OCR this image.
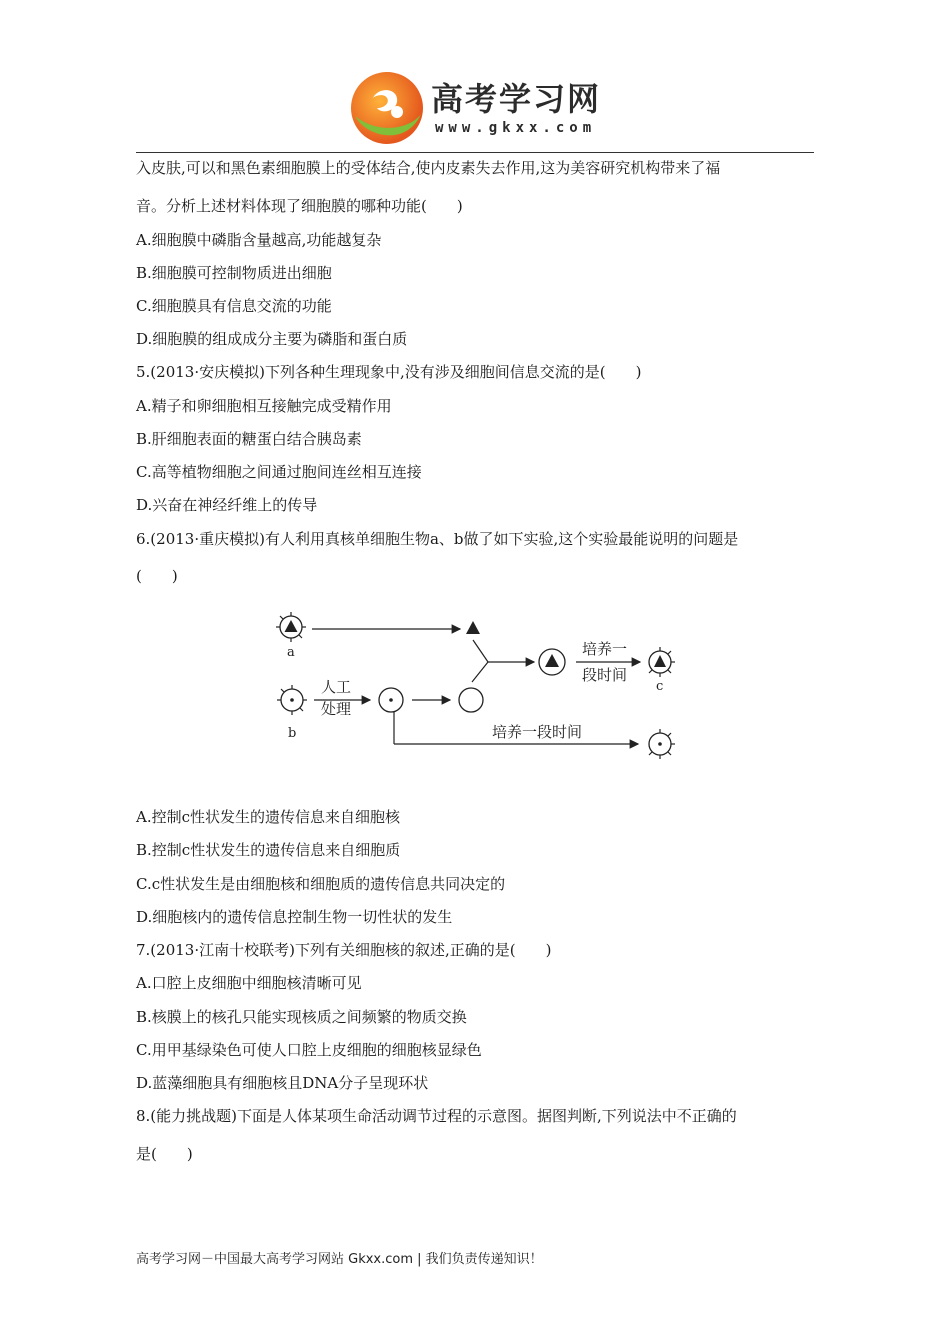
高考学习网
www.gkxx.com
入皮肤,可以和黑色素细胞膜上的受体结合,使内皮素失去作用,这为美容研究机构带来了福
音。分析上述材料体现了细胞膜的哪种功能(　　)
A.细胞膜中磷脂含量越高,功能越复杂
B.细胞膜可控制物质进出细胞
C.细胞膜具有信息交流的功能
D.细胞膜的组成成分主要为磷脂和蛋白质
5.(2013·安庆模拟)下列各种生理现象中,没有涉及细胞间信息交流的是(　　)
A.精子和卵细胞相互接触完成受精作用
B.肝细胞表面的糖蛋白结合胰岛素
C.高等植物细胞之间通过胞间连丝相互连接
D.兴奋在神经纤维上的传导
6.(2013·重庆模拟)有人利用真核单细胞生物a、b做了如下实验,这个实验最能说明的问题是
(　　)
a	培养一
段时间
c
b
人工
处理
培养一段时间
A.控制c性状发生的遗传信息来自细胞核
B.控制c性状发生的遗传信息来自细胞质
C.c性状发生是由细胞核和细胞质的遗传信息共同决定的
D.细胞核内的遗传信息控制生物一切性状的发生
7.(2013·江南十校联考)下列有关细胞核的叙述,正确的是(　　)
A.口腔上皮细胞中细胞核清晰可见
B.核膜上的核孔只能实现核质之间频繁的物质交换
C.用甲基绿染色可使人口腔上皮细胞的细胞核显绿色
D.蓝藻细胞具有细胞核且DNA分子呈现环状
8.(能力挑战题)下面是人体某项生命活动调节过程的示意图。据图判断,下列说法中不正确的
是(　　)
高考学习网－中国最大高考学习网站 Gkxx.com | 我们负责传递知识！
